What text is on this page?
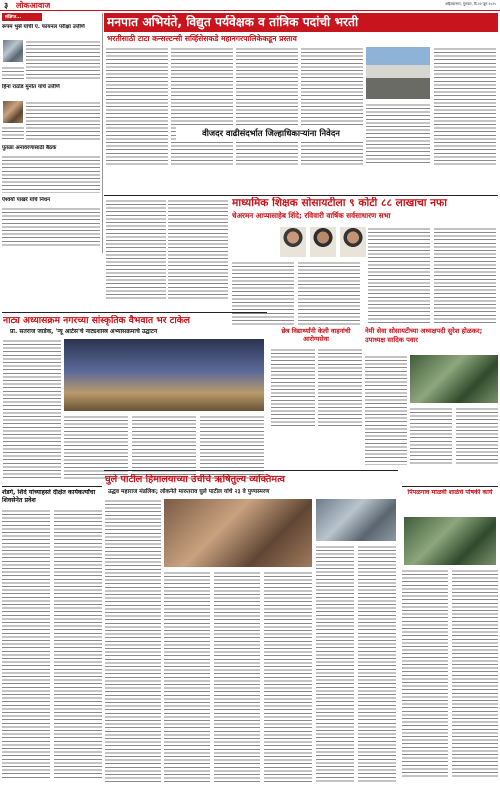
३ लोकआवाज	अहिल्यानगर, गुरुवार, दि.१२ जून २०२५
संक्षिप्त...
रूपम भुसे यांची ए. फायनल परीक्षा उत्तीर्ण
हिना राठोड मुनोत यांचे उत्तीर्ण
पुतळा अनावरणासाठी बैठक
ऐश्वर्या पाखरे यांचे निधन
मनपात अभियंते, विद्युत पर्यवेक्षक व तांत्रिक पदांची भरती
भरतीसाठी टाटा कन्सल्टन्सी सर्व्हिसेसकडे महानगरपालिकेकडून प्रस्ताव
वीजदर वाढीसंदर्भात जिल्हाधिकाऱ्यांना निवेदन
माध्यमिक शिक्षक सोसायटीला ९ कोटी ८८ लाखाचा नफा
चेअरमन आप्पासाहेब शिंदे; रविवारी वार्षिक सर्वसाधारण सभा
नाट्य अध्यासक्रम नगरच्या सांस्कृतिक वैभवात भर टाकेल
प्रा. सतराज जाडेक, 'न्यू आर्टस'चे नाट्यशास्त्र अभ्यासक्रमाचे उद्घाटन	छेत्र विद्यार्थ्यांनी केली वाहनांची आरोग्यसेवा
नेमी सेवा सोसायटीच्या अध्यक्षपदी सुरेश होळकर; उपाध्यक्ष सादिक पवार
शेंडगे, शिंदे यांच्याहस्ते दीक्षेत कार्यकर्त्यांचा शिवसेनेत प्रवेश
घुले पाटील हिमालयाच्या उंचीचे ऋषितुल्य व्यक्तिमत्व
उद्धव महाराज मंडलिक; लोकनेते मारुतराव घुले पाटील यांचे २३ वे पुण्यस्मरण	पिंपळगाव माळवी शाळेचे पोषकी कार्य
